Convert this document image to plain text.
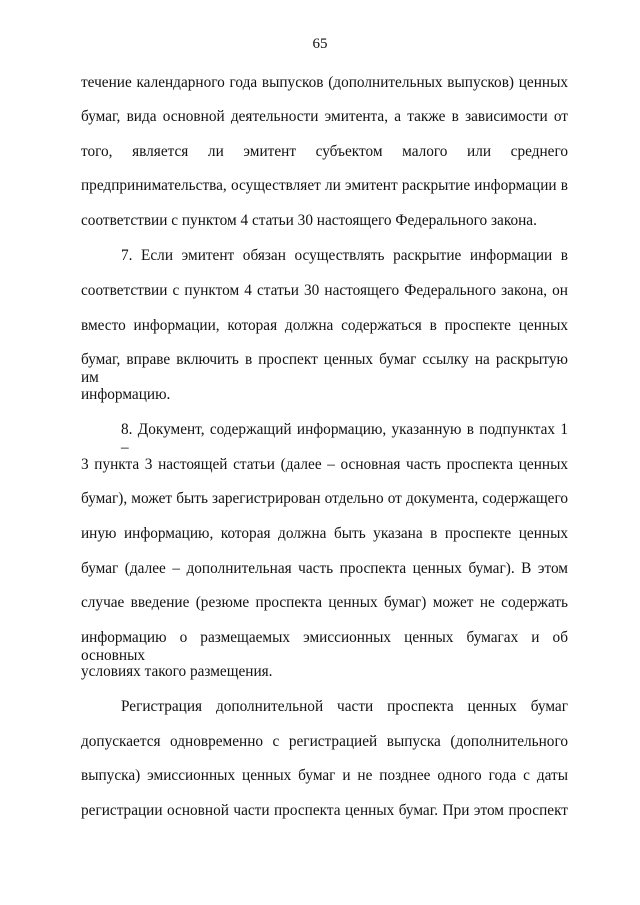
65
течение календарного года выпусков (дополнительных выпусков) ценных
бумаг, вида основной деятельности эмитента, а также в зависимости от
того, является ли эмитент субъектом малого или среднего
предпринимательства, осуществляет ли эмитент раскрытие информации в
соответствии с пунктом 4 статьи 30 настоящего Федерального закона.
7. Если эмитент обязан осуществлять раскрытие информации в
соответствии с пунктом 4 статьи 30 настоящего Федерального закона, он
вместо информации, которая должна содержаться в проспекте ценных
бумаг, вправе включить в проспект ценных бумаг ссылку на раскрытую им
информацию.
8. Документ, содержащий информацию, указанную в подпунктах 1 –
3 пункта 3 настоящей статьи (далее – основная часть проспекта ценных
бумаг), может быть зарегистрирован отдельно от документа, содержащего
иную информацию, которая должна быть указана в проспекте ценных
бумаг (далее – дополнительная часть проспекта ценных бумаг). В этом
случае введение (резюме проспекта ценных бумаг) может не содержать
информацию о размещаемых эмиссионных ценных бумагах и об основных
условиях такого размещения.
Регистрация дополнительной части проспекта ценных бумаг
допускается одновременно с регистрацией выпуска (дополнительного
выпуска) эмиссионных ценных бумаг и не позднее одного года с даты
регистрации основной части проспекта ценных бумаг. При этом проспект
